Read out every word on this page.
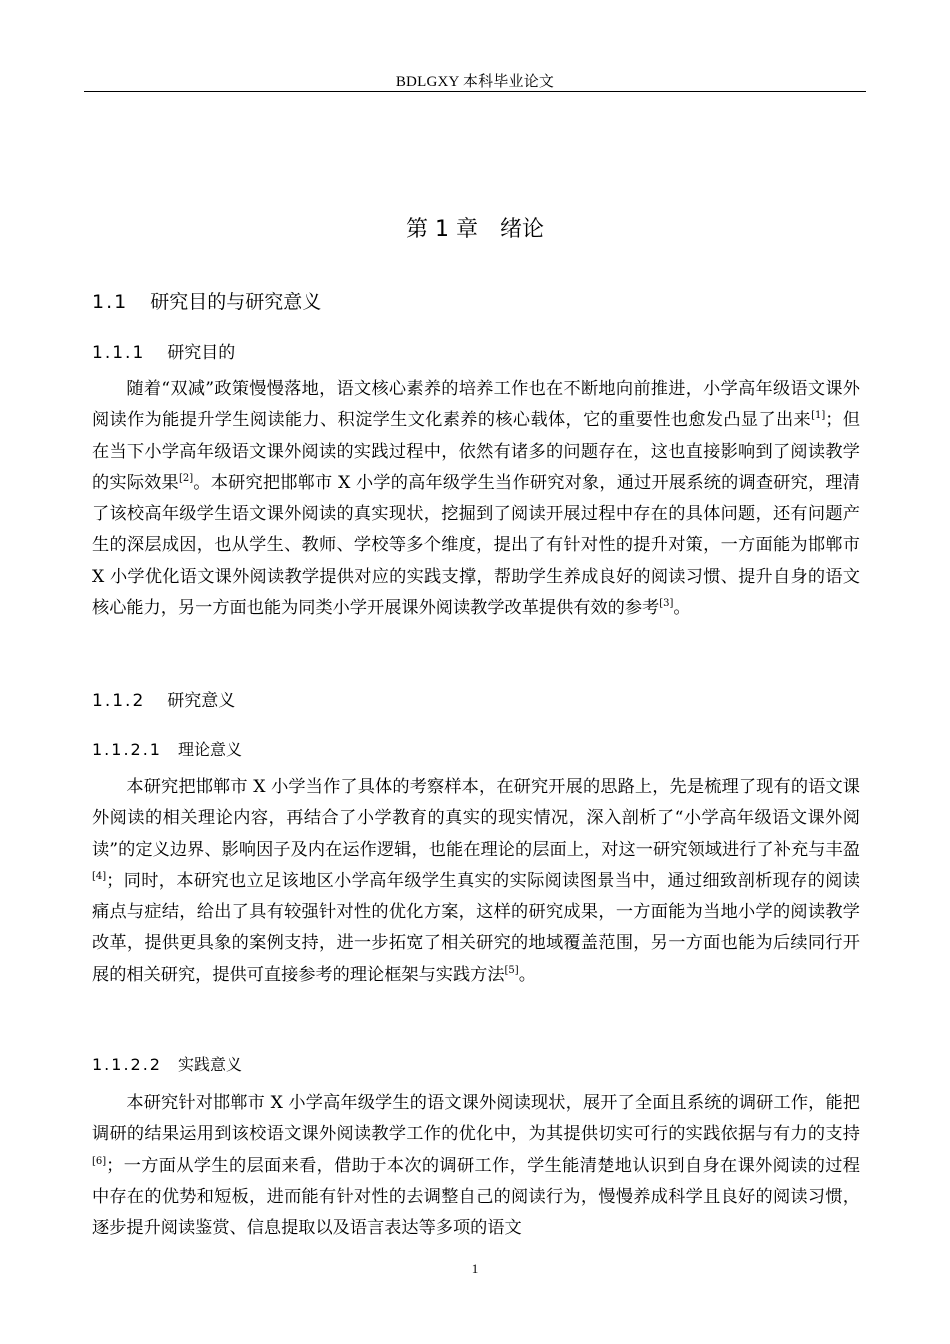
BDLGXY 本科毕业论文
第 1 章　绪论
1.1 研究目的与研究意义
1.1.1 研究目的

随着“双减”政策慢慢落地，语文核心素养的培养工作也在不断地向前推进，小学高年级语文课外阅读作为能提升学生阅读能力、积淀学生文化素养的核心载体，它的重要性也愈发凸显了出来[1]；但在当下小学高年级语文课外阅读的实践过程中，依然有诸多的问题存在，这也直接影响到了阅读教学的实际效果[2]。本研究把邯郸市 X 小学的高年级学生当作研究对象，通过开展系统的调查研究，理清了该校高年级学生语文课外阅读的真实现状，挖掘到了阅读开展过程中存在的具体问题，还有问题产生的深层成因，也从学生、教师、学校等多个维度，提出了有针对性的提升对策，一方面能为邯郸市 X 小学优化语文课外阅读教学提供对应的实践支撑，帮助学生养成良好的阅读习惯、提升自身的语文核心能力，另一方面也能为同类小学开展课外阅读教学改革提供有效的参考[3]。

1.1.2 研究意义
1.1.2.1 理论意义

本研究把邯郸市 X 小学当作了具体的考察样本，在研究开展的思路上，先是梳理了现有的语文课外阅读的相关理论内容，再结合了小学教育的真实的现实情况，深入剖析了“小学高年级语文课外阅读”的定义边界、影响因子及内在运作逻辑，也能在理论的层面上，对这一研究领域进行了补充与丰盈[4]；同时，本研究也立足该地区小学高年级学生真实的实际阅读图景当中，通过细致剖析现存的阅读痛点与症结，给出了具有较强针对性的优化方案，这样的研究成果，一方面能为当地小学的阅读教学改革，提供更具象的案例支持，进一步拓宽了相关研究的地域覆盖范围，另一方面也能为后续同行开展的相关研究，提供可直接参考的理论框架与实践方法[5]。

1.1.2.2 实践意义

本研究针对邯郸市 X 小学高年级学生的语文课外阅读现状，展开了全面且系统的调研工作，能把调研的结果运用到该校语文课外阅读教学工作的优化中，为其提供切实可行的实践依据与有力的支持[6]；一方面从学生的层面来看，借助于本次的调研工作，学生能清楚地认识到自身在课外阅读的过程中存在的优势和短板，进而能有针对性的去调整自己的阅读行为，慢慢养成科学且良好的阅读习惯，逐步提升阅读鉴赏、信息提取以及语言表达等多项的语文

1
